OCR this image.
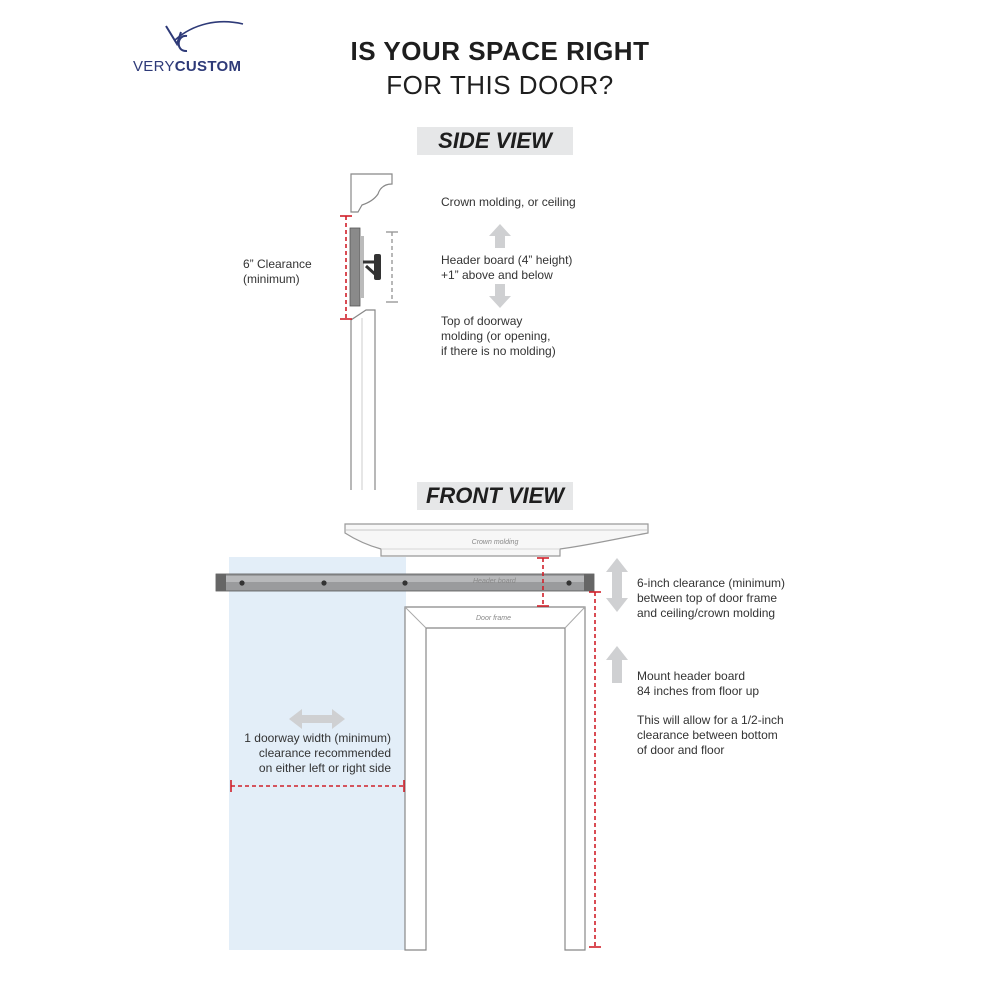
VERYCUSTOM
IS YOUR SPACE RIGHT
FOR THIS DOOR?
SIDE VIEW
FRONT VIEW
Crown molding
Header board
Door frame

6” Clearance

(minimum)

Crown molding, or ceiling

Header board (4” height)

+1” above and below

Top of doorway

molding (or opening,

if there is no molding)

6-inch clearance (minimum)

between top of door frame

and ceiling/crown molding

Mount header board

84 inches from floor up

This will allow for a 1/2-inch

clearance between bottom

of door and floor

1 doorway width (minimum)

clearance recommended

on either left or right side
